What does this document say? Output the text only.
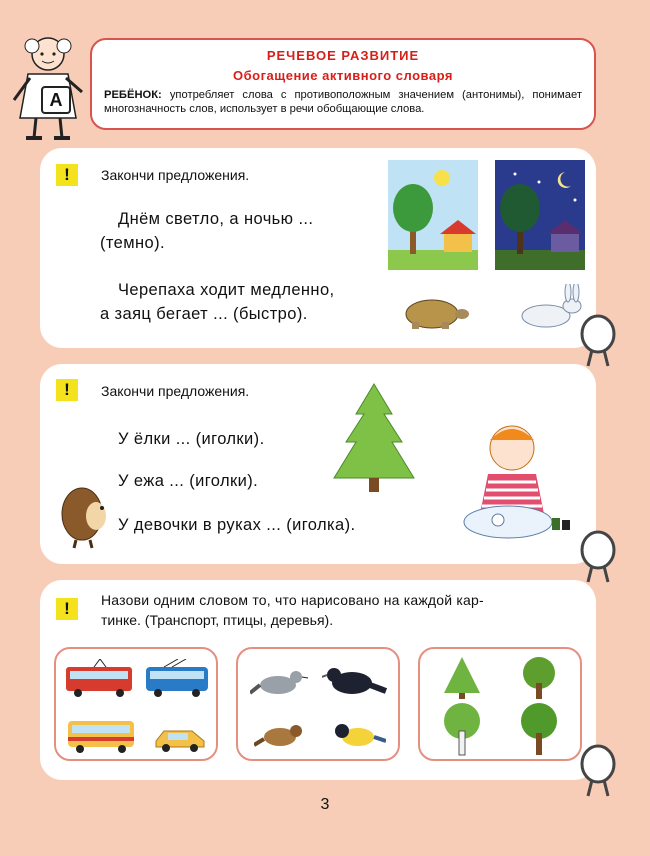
А
РЕЧЕВОЕ РАЗВИТИЕ
Обогащение активного словаря
РЕБЁНОК: употребляет слова с противоположным значением (антонимы), понимает многозначность слов, использует в речи обобщающие слова.
!	Закончи предложения.
Днём светло, а ночью ...
(темно).
Черепаха ходит медленно,
а заяц бегает ... (быстро).
!	Закончи предложения.
У ёлки ... (иголки).
У ежа ... (иголки).
У девочки в руках ... (иголка).
!	Назови одним словом то, что нарисовано на каждой кар-
тинке. (Транспорт, птицы, деревья).
3
